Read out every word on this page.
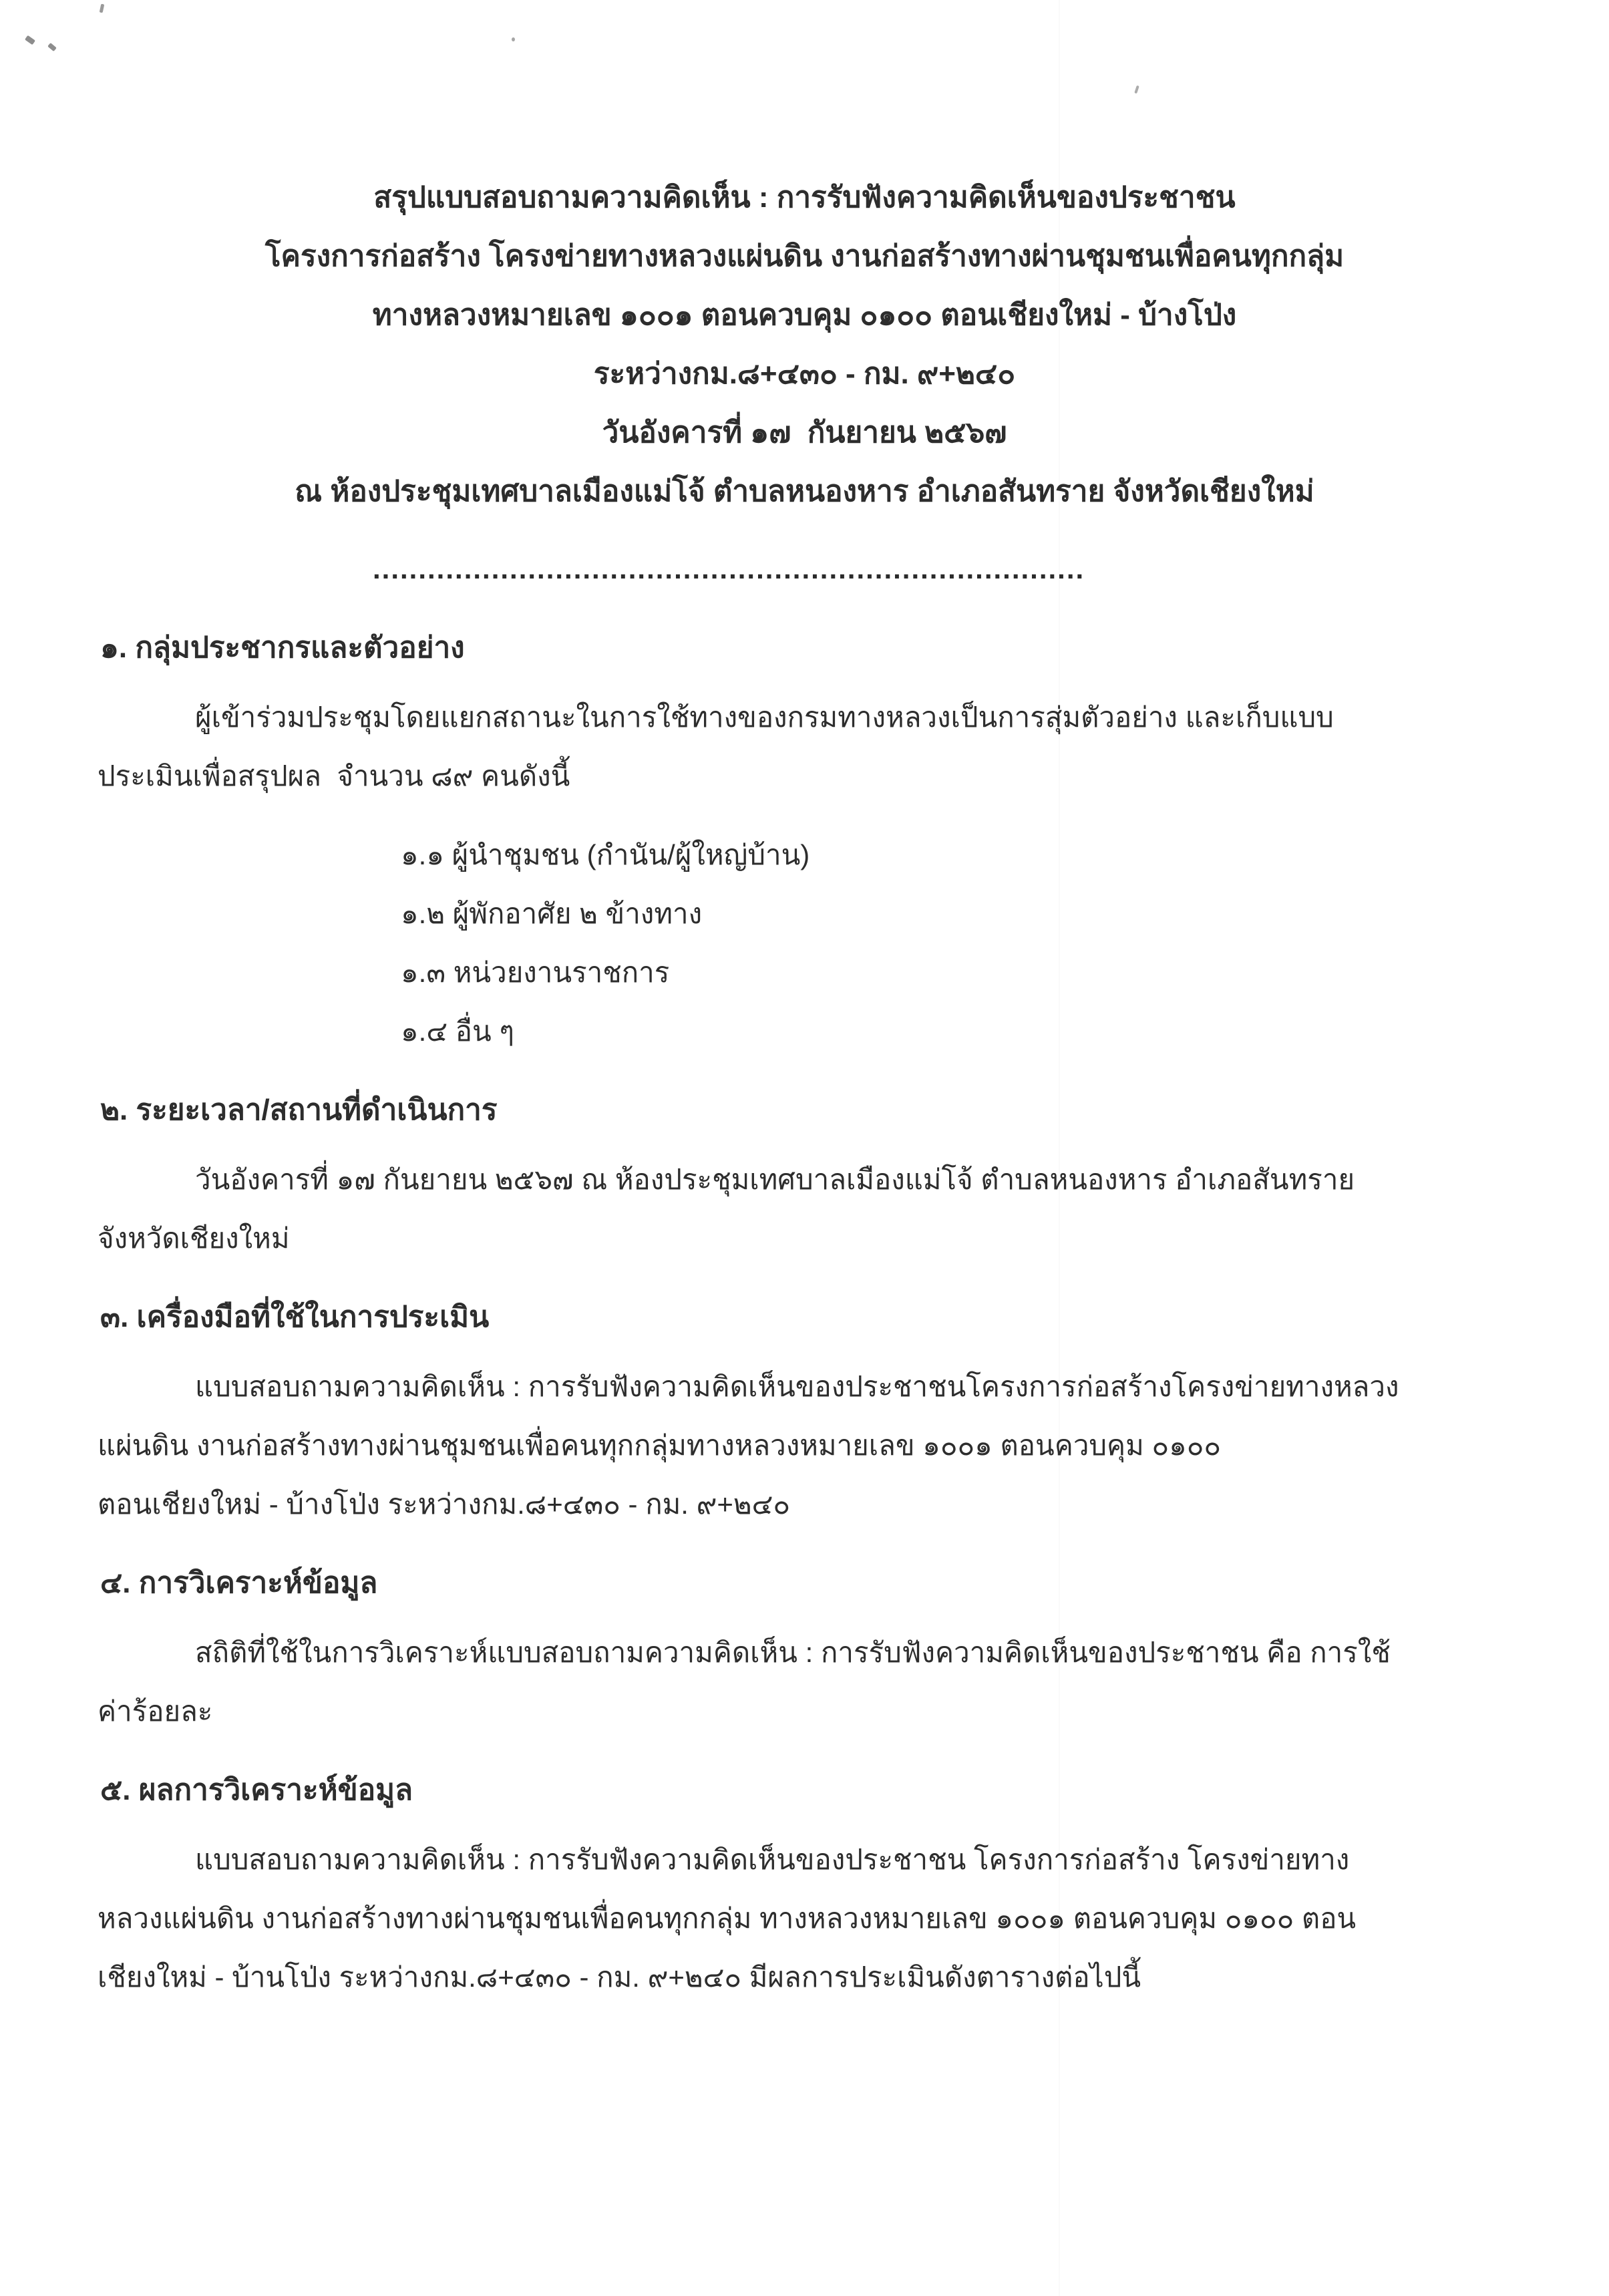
สรุปแบบสอบถามความคิดเห็น : การรับฟังความคิดเห็นของประชาชน
โครงการก่อสร้าง โครงข่ายทางหลวงแผ่นดิน งานก่อสร้างทางผ่านชุมชนเพื่อคนทุกกลุ่ม
ทางหลวงหมายเลข ๑๐๐๑ ตอนควบคุม ๐๑๐๐ ตอนเชียงใหม่ - บ้างโป่ง
ระหว่างกม.๘+๔๓๐ - กม. ๙+๒๔๐
วันอังคารที่ ๑๗  กันยายน ๒๕๖๗
ณ ห้องประชุมเทศบาลเมืองแม่โจ้ ตำบลหนองหาร อำเภอสันทราย จังหวัดเชียงใหม่
..............................................................................
๑. กลุ่มประชากรและตัวอย่าง
ผู้เข้าร่วมประชุมโดยแยกสถานะในการใช้ทางของกรมทางหลวงเป็นการสุ่มตัวอย่าง และเก็บแบบ
ประเมินเพื่อสรุปผล  จำนวน ๘๙ คนดังนี้
๑.๑ ผู้นำชุมชน (กำนัน/ผู้ใหญ่บ้าน)
๑.๒ ผู้พักอาศัย ๒ ข้างทาง
๑.๓ หน่วยงานราชการ
๑.๔ อื่น ๆ
๒. ระยะเวลา/สถานที่ดำเนินการ
วันอังคารที่ ๑๗ กันยายน ๒๕๖๗ ณ ห้องประชุมเทศบาลเมืองแม่โจ้ ตำบลหนองหาร อำเภอสันทราย
จังหวัดเชียงใหม่
๓. เครื่องมือที่ใช้ในการประเมิน
แบบสอบถามความคิดเห็น : การรับฟังความคิดเห็นของประชาชนโครงการก่อสร้างโครงข่ายทางหลวง
แผ่นดิน งานก่อสร้างทางผ่านชุมชนเพื่อคนทุกกลุ่มทางหลวงหมายเลข ๑๐๐๑ ตอนควบคุม ๐๑๐๐
ตอนเชียงใหม่ - บ้างโป่ง ระหว่างกม.๘+๔๓๐ - กม. ๙+๒๔๐
๔. การวิเคราะห์ข้อมูล
สถิติที่ใช้ในการวิเคราะห์แบบสอบถามความคิดเห็น : การรับฟังความคิดเห็นของประชาชน คือ การใช้
ค่าร้อยละ
๕. ผลการวิเคราะห์ข้อมูล
แบบสอบถามความคิดเห็น : การรับฟังความคิดเห็นของประชาชน โครงการก่อสร้าง โครงข่ายทาง
หลวงแผ่นดิน งานก่อสร้างทางผ่านชุมชนเพื่อคนทุกกลุ่ม ทางหลวงหมายเลข ๑๐๐๑ ตอนควบคุม ๐๑๐๐ ตอน
เชียงใหม่ - บ้านโป่ง ระหว่างกม.๘+๔๓๐ - กม. ๙+๒๔๐ มีผลการประเมินดังตารางต่อไปนี้
